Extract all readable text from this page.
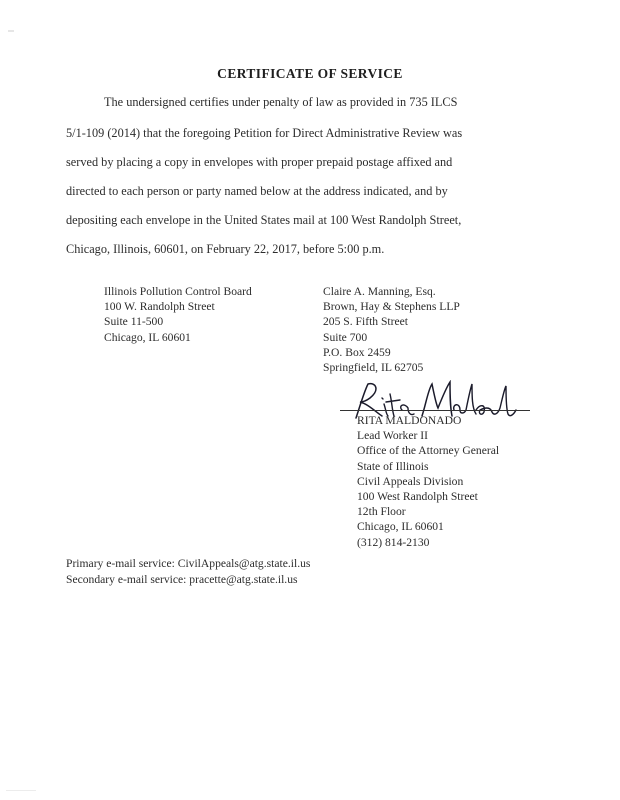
CERTIFICATE OF SERVICE
The undersigned certifies under penalty of law as provided in 735 ILCS
5/1-109 (2014) that the foregoing Petition for Direct Administrative Review was
served by placing a copy in envelopes with proper prepaid postage affixed and
directed to each person or party named below at the address indicated, and by
depositing each envelope in the United States mail at 100 West Randolph Street,
Chicago, Illinois, 60601, on February 22, 2017, before 5:00 p.m.
Illinois Pollution Control Board
100 W. Randolph Street
Suite 11-500
Chicago, IL 60601
Claire A. Manning, Esq.
Brown, Hay & Stephens LLP
205 S. Fifth Street
Suite 700
P.O. Box 2459
Springfield, IL 62705
RITA MALDONADO
Lead Worker II
Office of the Attorney General
State of Illinois
Civil Appeals Division
100 West Randolph Street
12th Floor
Chicago, IL 60601
(312) 814-2130
Primary e-mail service: CivilAppeals@atg.state.il.us
Secondary e-mail service: pracette@atg.state.il.us
